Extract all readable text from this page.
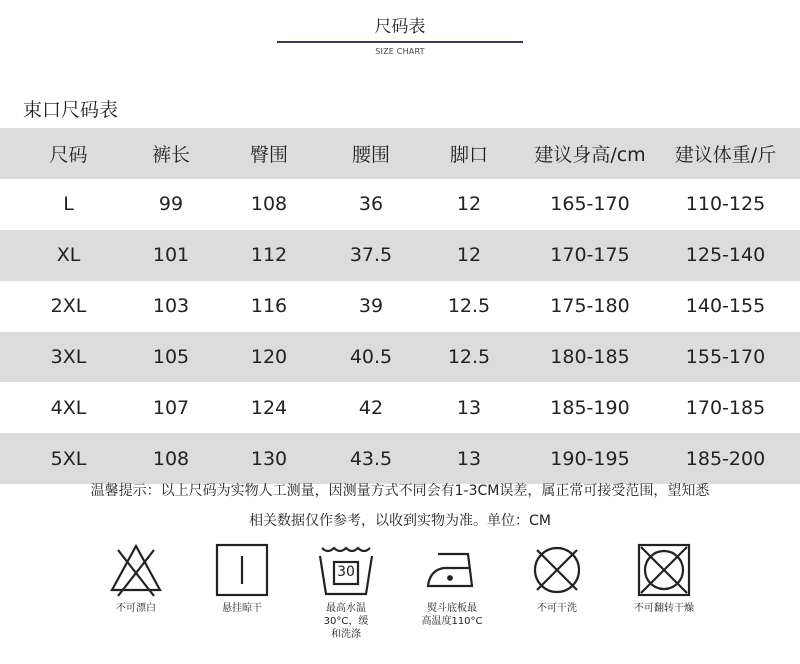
尺码表
SIZE CHART
束口尺码表
尺码	裤长	臀围	腰围	脚口	建议身高/cm	建议体重/斤
L	99	108	36	12	165-170	110-125
XL	101	112	37.5	12	170-175	125-140
2XL	103	116	39	12.5	175-180	140-155
3XL	105	120	40.5	12.5	180-185	155-170
4XL	107	124	42	13	185-190	170-185
5XL	108	130	43.5	13	190-195	185-200
温馨提示：以上尺码为实物人工测量，因测量方式不同会有1-3CM误差，属正常可接受范围，望知悉
相关数据仅作参考，以收到实物为准。单位：CM
不可漂白	悬挂晾干
30
最高水温
30°C，缓
和洗涤
熨斗底板最
高温度110°C
不可干洗	不可翻转干燥
